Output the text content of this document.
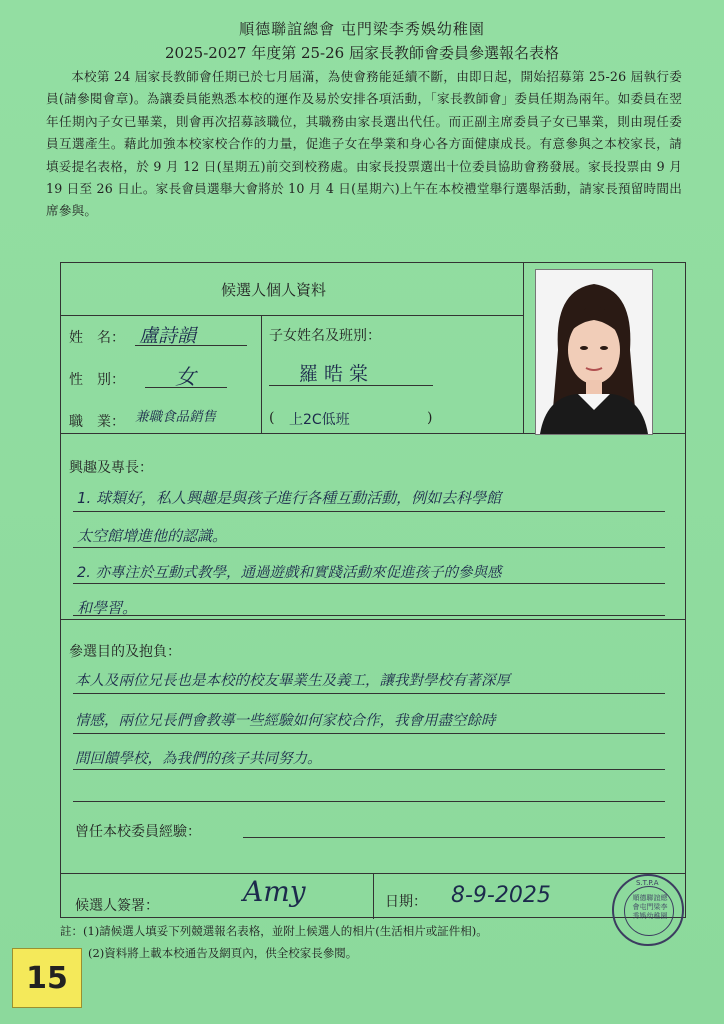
順德聯誼總會 屯門梁李秀娛幼稚園
2025-2027 年度第 25-26 屆家長教師會委員參選報名表格

本校第 24 屆家長教師會任期已於七月屆滿，為使會務能延續不斷，由即日起，開始招募第 25-26 屆執行委員(請參閱會章)。為讓委員能熟悉本校的運作及易於安排各項活動，「家長教師會」委員任期為兩年。如委員在翌年任期內子女已畢業，則會再次招募該職位，其職務由家長選出代任。而正副主席委員子女已畢業，則由現任委員互選產生。藉此加強本校家校合作的力量，促進子女在學業和身心各方面健康成長。有意參與之本校家長，請填妥提名表格，於 9 月 12 日(星期五)前交到校務處。由家長投票選出十位委員協助會務發展。家長投票由 9 月 19 日至 26 日止。家長會員選舉大會將於 10 月 4 日(星期六)上午在本校禮堂舉行選舉活動，請家長預留時間出席參與。

候選人個人資料
姓　名： 盧詩韻
性　別： 女
職　業： 兼職食品銷售
子女姓名及班別：
羅晧棠
( 上2C低班	)
興趣及專長：
1. 球類好，私人興趣是與孩子進行各種互動活動，例如去科學館
太空館增進他的認識。
2. 亦專注於互動式教學，通過遊戲和實踐活動來促進孩子的參與感
和學習。
參選目的及抱負：
本人及兩位兄長也是本校的校友畢業生及義工，讓我對學校有著深厚
情感，兩位兄長們會教導一些經驗如何家校合作，我會用盡空餘時
間回饋學校，為我們的孩子共同努力。
曾任本校委員經驗：
候選人簽署：	Amy	日期： 8-9-2025
註：(1)請候選人填妥下列競選報名表格，並附上候選人的相片(生活相片或証件相)。
(2)資料將上載本校通告及網頁內，供全校家長參閱。
S.T.P.A
順德聯誼總會屯門梁李秀娛幼稚園
15
